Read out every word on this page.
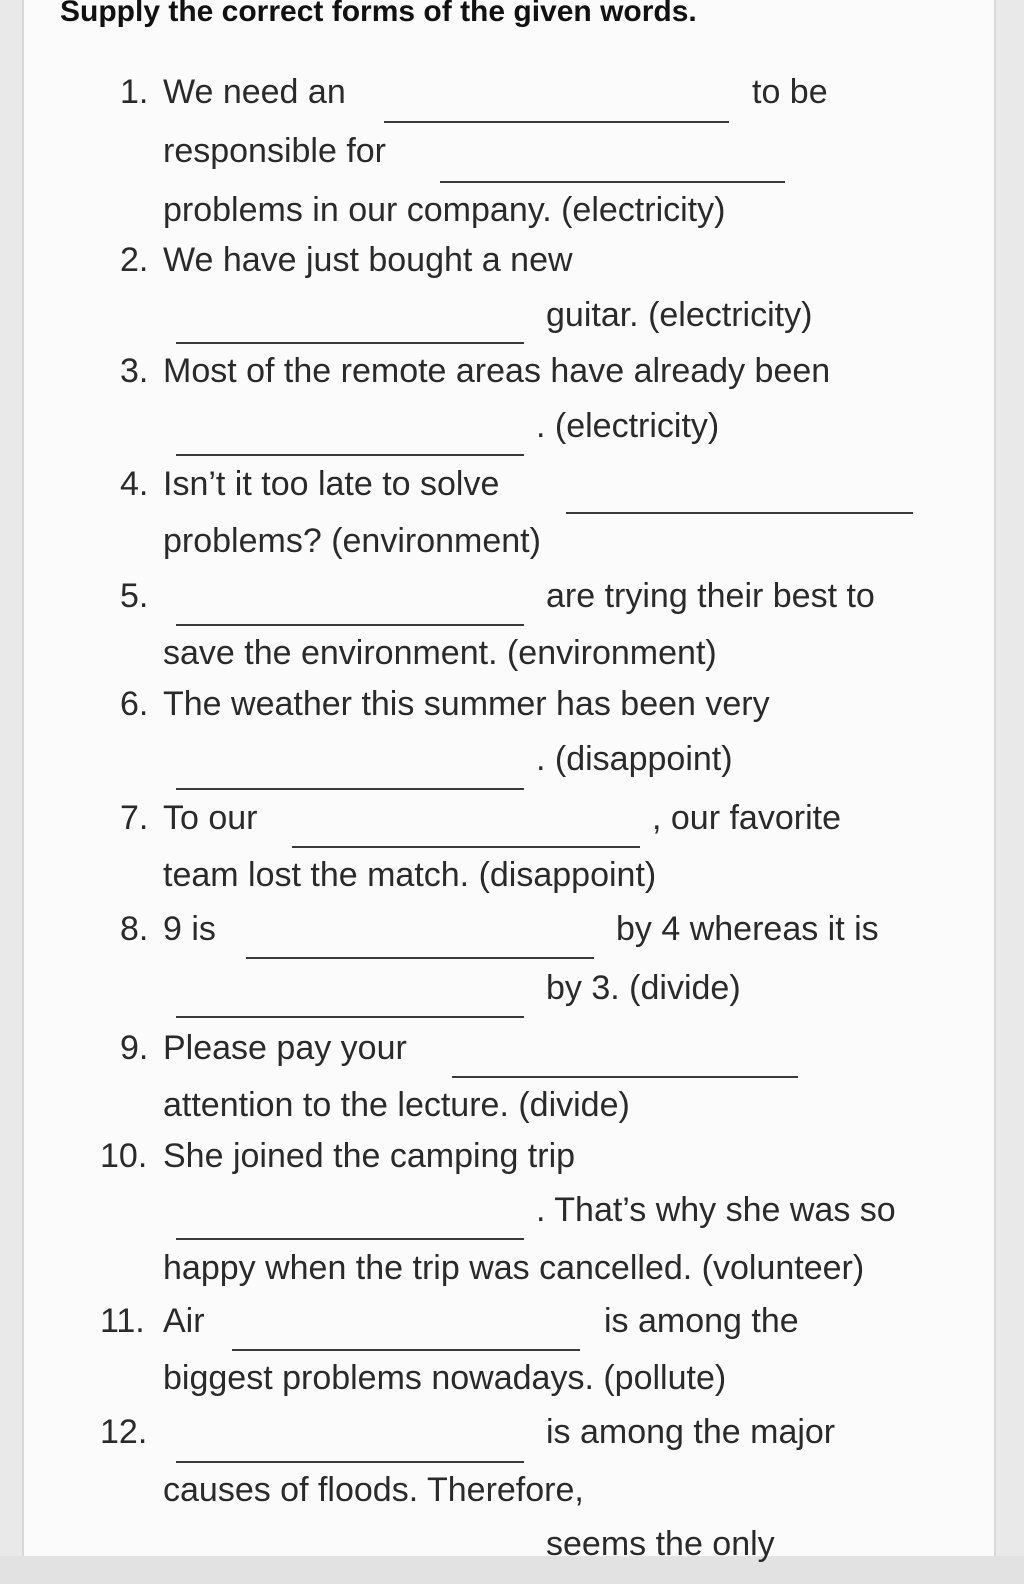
Supply the correct forms of the given words.
1. We need an	to be
responsible for
problems in our company. (electricity)
2. We have just bought a new
guitar. (electricity)
3. Most of the remote areas have already been
. (electricity)
4. Isn’t it too late to solve
problems? (environment)
5.	are trying their best to
save the environment. (environment)
6. The weather this summer has been very
. (disappoint)
7. To our	, our favorite
team lost the match. (disappoint)
8. 9 is	by 4 whereas it is
by 3. (divide)
9. Please pay your
attention to the lecture. (divide)
10. She joined the camping trip
. That’s why she was so
happy when the trip was cancelled. (volunteer)
11. Air	is among the
biggest problems nowadays. (pollute)
12.	is among the major
causes of floods. Therefore,
seems the only
